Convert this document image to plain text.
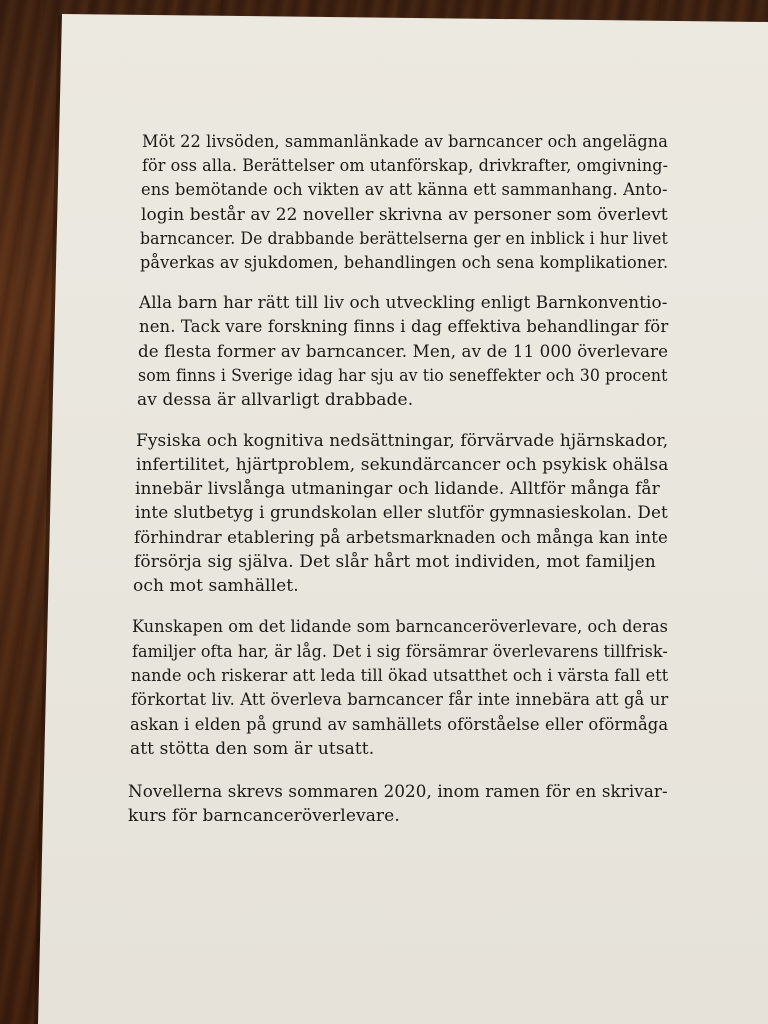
Möt 22 livsöden, sammanlänkade av barncancer och angelägna

för oss alla. Berättelser om utanförskap, drivkrafter, omgivning-

ens bemötande och vikten av att känna ett sammanhang. Anto-

login består av 22 noveller skrivna av personer som överlevt

barncancer. De drabbande berättelserna ger en inblick i hur livet

påverkas av sjukdomen, behandlingen och sena komplikationer.

Alla barn har rätt till liv och utveckling enligt Barnkonventio-

nen. Tack vare forskning finns i dag effektiva behandlingar för

de flesta former av barncancer. Men, av de 11 000 överlevare

som finns i Sverige idag har sju av tio seneffekter och 30 procent

av dessa är allvarligt drabbade.

Fysiska och kognitiva nedsättningar, förvärvade hjärnskador,

infertilitet, hjärtproblem, sekundärcancer och psykisk ohälsa

innebär livslånga utmaningar och lidande. Alltför många får

inte slutbetyg i grundskolan eller slutför gymnasieskolan. Det

förhindrar etablering på arbetsmarknaden och många kan inte

försörja sig själva. Det slår hårt mot individen, mot familjen

och mot samhället.

Kunskapen om det lidande som barncanceröverlevare, och deras

familjer ofta har, är låg. Det i sig försämrar överlevarens tillfrisk-

nande och riskerar att leda till ökad utsatthet och i värsta fall ett

förkortat liv. Att överleva barncancer får inte innebära att gå ur

askan i elden på grund av samhällets oförståelse eller oförmåga

att stötta den som är utsatt.

Novellerna skrevs sommaren 2020, inom ramen för en skrivar-

kurs för barncanceröverlevare.
